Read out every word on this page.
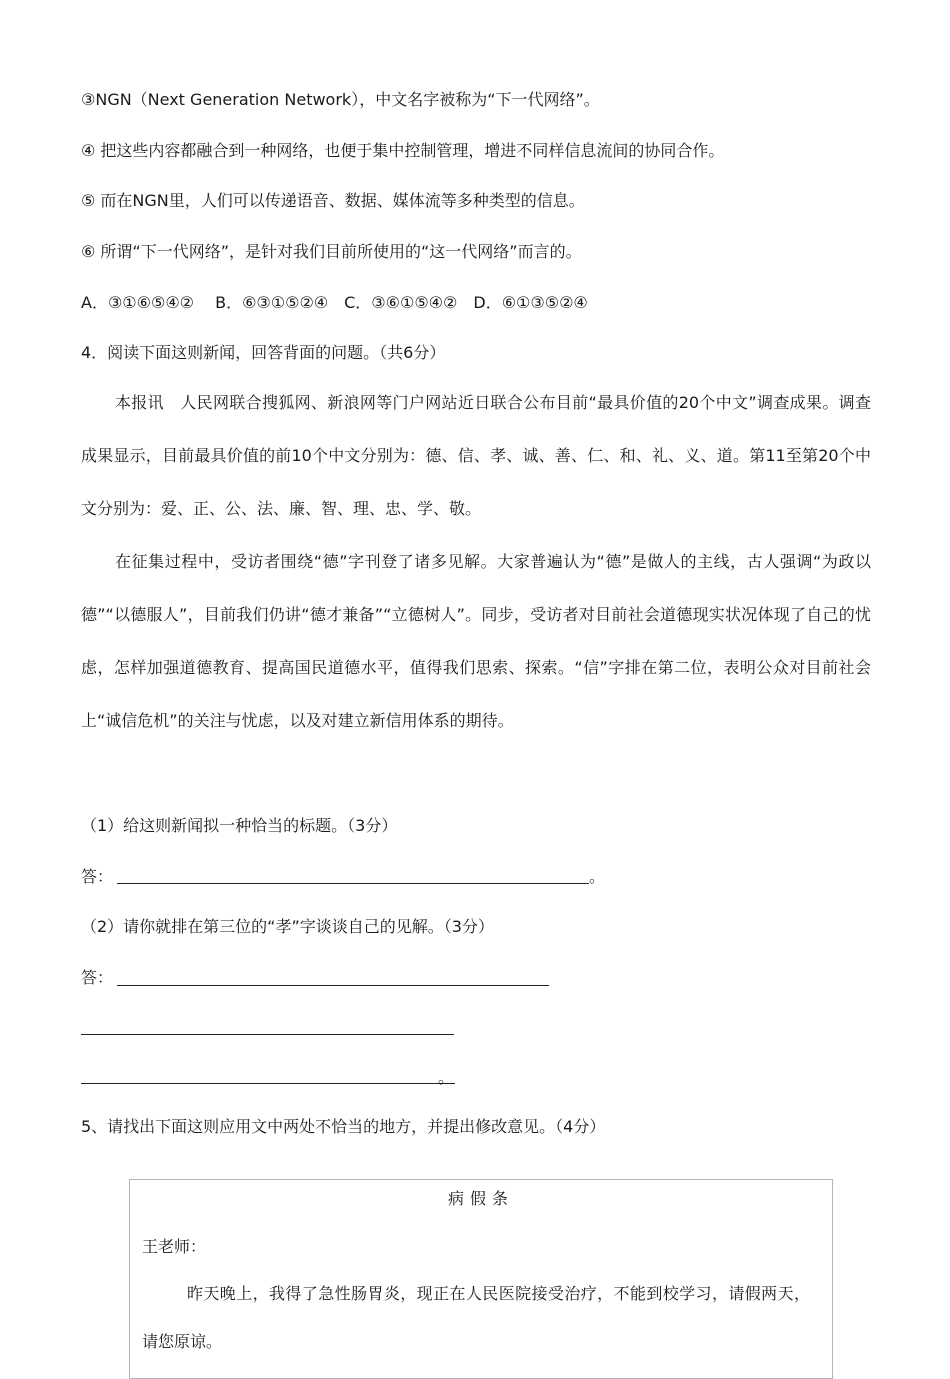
③NGN（Next Generation Network），中文名字被称为“下一代网络”。
④ 把这些内容都融合到一种网络，也便于集中控制管理，增进不同样信息流间的协同合作。
⑤ 而在NGN里，人们可以传递语音、数据、媒体流等多种类型的信息。
⑥ 所谓“下一代网络”，是针对我们目前所使用的“这一代网络”而言的。
A．③①⑥⑤④②　 B．⑥③①⑤②④　C．③⑥①⑤④②　D．⑥①③⑤②④
4．阅读下面这则新闻，回答背面的问题。（共6分）

本报讯　人民网联合搜狐网、新浪网等门户网站近日联合公布目前“最具价值的20个中文”调查成果。调查成果显示，目前最具价值的前10个中文分别为：德、信、孝、诚、善、仁、和、礼、义、道。第11至第20个中文分别为：爱、正、公、法、廉、智、理、忠、学、敬。

在征集过程中，受访者围绕“德”字刊登了诸多见解。大家普遍认为“德”是做人的主线，古人强调“为政以德”“以德服人”，目前我们仍讲“德才兼备”“立德树人”。同步，受访者对目前社会道德现实状况体现了自己的忧虑，怎样加强道德教育、提高国民道德水平，值得我们思索、探索。“信”字排在第二位，表明公众对目前社会上“诚信危机”的关注与忧虑，以及对建立新信用体系的期待。

（1）给这则新闻拟一种恰当的标题。（3分）
答：	。
（2）请你就排在第三位的“孝”字谈谈自己的见解。（3分）
答：
。
5、请找出下面这则应用文中两处不恰当的地方，并提出修改意见。（4分）
病假条
王老师：
昨天晚上，我得了急性肠胃炎，现正在人民医院接受治疗，不能到校学习，请假两天，请您原谅。
